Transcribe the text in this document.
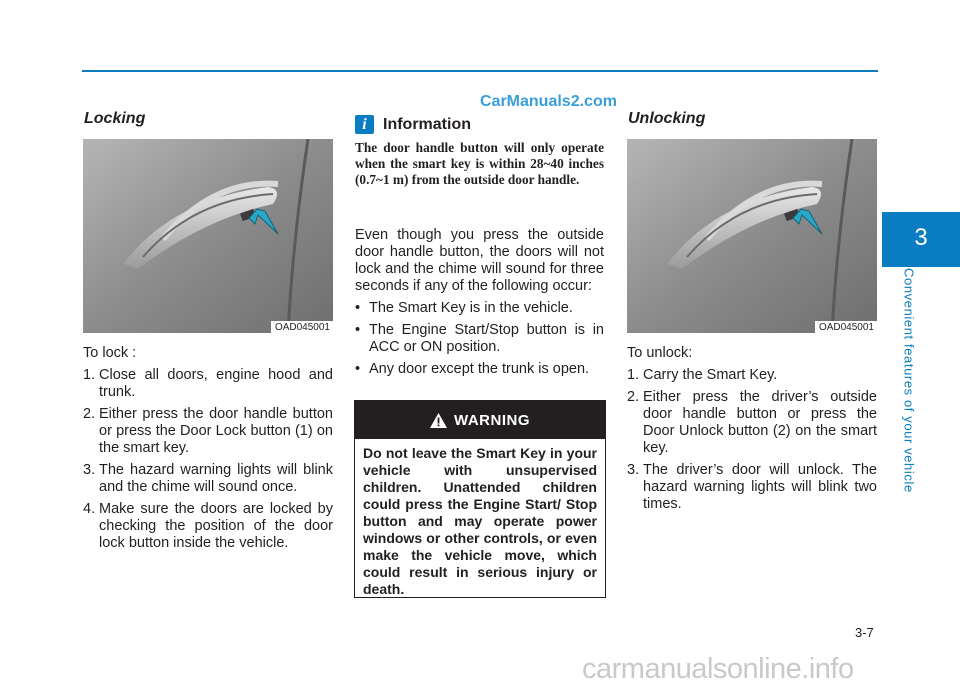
CarManuals2.com
Locking
OAD045001

To lock :

1. Close all doors, engine hood and trunk.
2. Either press the door handle button or press the Door Lock button (1) on the smart key.
3. The hazard warning lights will blink and the chime will sound once.
4. Make sure the doors are locked by checking the position of the door lock button inside the vehicle.
i	Information
The door handle button will only operate when the smart key is within 28~40 inches (0.7~1 m) from the outside door handle.

Even though you press the outside door handle button, the doors will not lock and the chime will sound for three seconds if any of the following occur:

• The Smart Key is in the vehicle.
• The Engine Start/Stop button is in ACC or ON position.
• Any door except the trunk is open.
WARNING
Do not leave the Smart Key in your vehicle with unsupervised children. Unattended children could press the Engine Start/ Stop button and may operate power windows or other controls, or even make the vehicle move, which could result in serious injury or death.
Unlocking
OAD045001

To unlock:

1. Carry the Smart Key.
2. Either press the driver’s outside door handle button or press the Door Unlock button (2) on the smart key.
3. The driver’s door will unlock. The hazard warning lights will blink two times.
3
Convenient features of your vehicle
3-7
carmanualsonline.info
